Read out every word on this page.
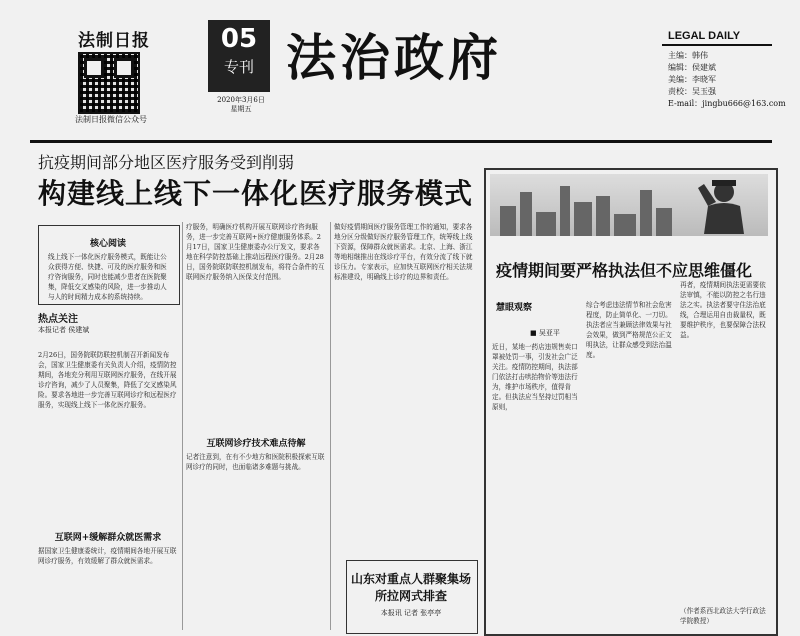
法制日报
法制日报微信公众号
05
专刊
2020年3月6日
星期五
法治政府	LEGAL DAILY
主编：韩伟
编辑：侯建斌
美编：李晓军
责校：吴玉强
E-mail：jingbu666@163.com
抗疫期间部分地区医疗服务受到削弱
构建线上线下一体化医疗服务模式
核心阅读
线上线下一体化医疗服务模式，既能让公众获得方便、快捷、可及的医疗服务和医疗咨询服务，同时也能减少患者在医院聚集，降低交叉感染的风险，进一步推动人与人的时间精力成本的系统持续。
热点关注
本报记者 侯建斌
2月26日，国务院联防联控机制召开新闻发布会，国家卫生健康委有关负责人介绍，疫情防控期间，各地充分利用互联网医疗服务，在线开展诊疗咨询，减少了人员聚集，降低了交叉感染风险。要求各地进一步完善互联网诊疗和远程医疗服务，实现线上线下一体化医疗服务。
互联网+缓解群众就医需求
据国家卫生健康委统计，疫情期间各地开展互联网诊疗服务，有效缓解了群众就医需求。
疗服务，明确医疗机构开展互联网诊疗咨询服务，进一步完善互联网+医疗健康服务体系。2月17日，国家卫生健康委办公厅发文，要求各地在科学防控基础上推动远程医疗服务。2月28日，国务院联防联控机制发布，将符合条件的互联网医疗服务纳入医保支付范围。
互联网诊疗技术难点待解
记者注意到，在有不少地方和医院积极探索互联网诊疗的同时，也面临诸多难题与挑战。
做好疫情期间医疗服务管理工作的通知，要求各地分区分级做好医疗服务管理工作，统筹线上线下资源，保障群众就医需求。北京、上海、浙江等地相继推出在线诊疗平台，有效分流了线下就诊压力。专家表示，应加快互联网医疗相关法规标准建设，明确线上诊疗的边界和责任。
山东对重点人群聚集场所拉网式排查
本报讯 记者 张亭亭
疫情期间要严格执法但不应思维僵化
慧眼观察
■ 吴亚平
近日，某地一药店违规售卖口罩被处罚一事，引发社会广泛关注。疫情防控期间，执法部门依法打击哄抬物价等违法行为，维护市场秩序，值得肯定。但执法应当坚持过罚相当原则，
综合考虑违法情节和社会危害程度，防止简单化、一刀切。执法者应当兼顾法律效果与社会效果，做到严格规范公正文明执法，让群众感受到法治温度。
再者，疫情期间执法更需要依法审慎，不能以防控之名行违法之实。执法者要守住法治底线，合理运用自由裁量权，既要维护秩序，也要保障合法权益。
（作者系西北政法大学行政法学院教授）
